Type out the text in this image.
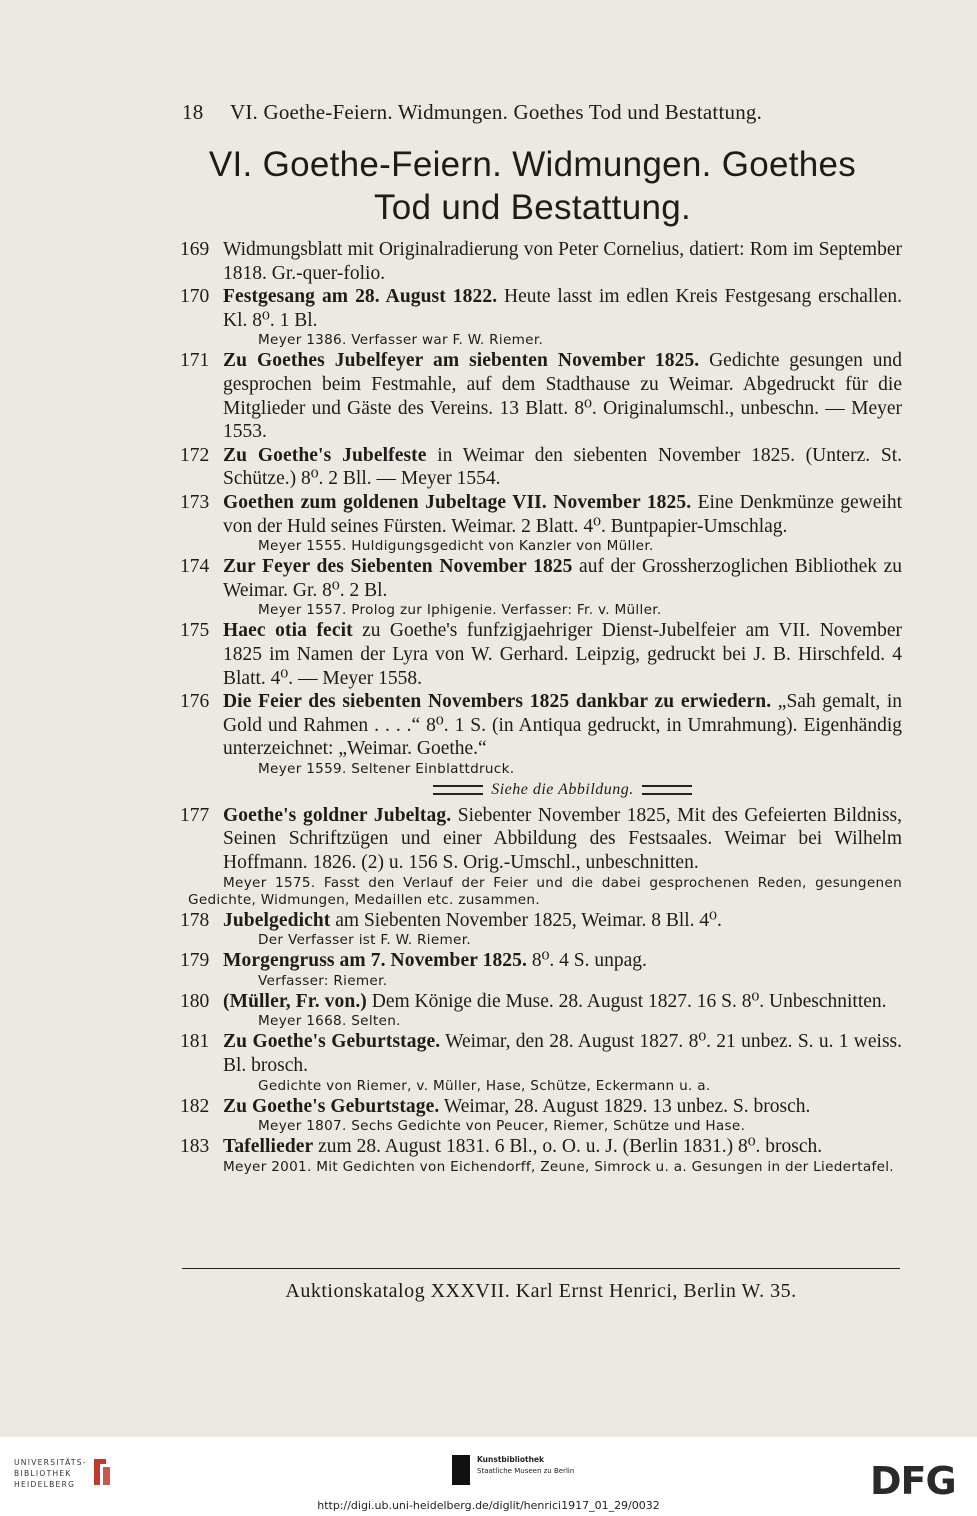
18 VI. Goethe-Feiern. Widmungen. Goethes Tod und Bestattung.
VI. Goethe-Feiern. Widmungen. Goethes
Tod und Bestattung.
169 Widmungsblatt mit Originalradierung von Peter Cornelius, datiert: Rom im September 1818. Gr.-quer-folio.
170 Festgesang am 28. August 1822. Heute lasst im edlen Kreis Festgesang erschallen. Kl. 8⁰. 1 Bl.
Meyer 1386. Verfasser war F. W. Riemer.
171 Zu Goethes Jubelfeyer am siebenten November 1825. Gedichte gesungen und gesprochen beim Festmahle, auf dem Stadthause zu Weimar. Abgedruckt für die Mitglieder und Gäste des Vereins. 13 Blatt. 8⁰. Originalumschl., unbeschn. — Meyer 1553.
172 Zu Goethe's Jubelfeste in Weimar den siebenten November 1825. (Unterz. St. Schütze.) 8⁰. 2 Bll. — Meyer 1554.
173 Goethen zum goldenen Jubeltage VII. November 1825. Eine Denkmünze geweiht von der Huld seines Fürsten. Weimar. 2 Blatt. 4⁰. Buntpapier-Umschlag.
Meyer 1555. Huldigungsgedicht von Kanzler von Müller.
174 Zur Feyer des Siebenten November 1825 auf der Grossherzoglichen Bibliothek zu Weimar. Gr. 8⁰. 2 Bl.
Meyer 1557. Prolog zur Iphigenie. Verfasser: Fr. v. Müller.
175 Haec otia fecit zu Goethe's funfzigjaehriger Dienst-Jubelfeier am VII. November 1825 im Namen der Lyra von W. Gerhard. Leipzig, gedruckt bei J. B. Hirschfeld. 4 Blatt. 4⁰. — Meyer 1558.
176 Die Feier des siebenten Novembers 1825 dankbar zu erwiedern. „Sah gemalt, in Gold und Rahmen . . . .“ 8⁰. 1 S. (in Antiqua gedruckt, in Umrahmung). Eigenhändig unterzeichnet: „Weimar. Goethe.“
Meyer 1559. Seltener Einblattdruck.
Siehe die Abbildung.
177 Goethe's goldner Jubeltag. Siebenter November 1825, Mit des Gefeierten Bildniss, Seinen Schriftzügen und einer Abbildung des Festsaales. Weimar bei Wilhelm Hoffmann. 1826. (2) u. 156 S. Orig.-Umschl., unbeschnitten.
Meyer 1575. Fasst den Verlauf der Feier und die dabei gesprochenen Reden, gesungenen Gedichte, Widmungen, Medaillen etc. zusammen.
178 Jubelgedicht am Siebenten November 1825, Weimar. 8 Bll. 4⁰.
Der Verfasser ist F. W. Riemer.
179 Morgengruss am 7. November 1825. 8⁰. 4 S. unpag.
Verfasser: Riemer.
180 (Müller, Fr. von.) Dem Könige die Muse. 28. August 1827. 16 S. 8⁰. Unbeschnitten.
Meyer 1668. Selten.
181 Zu Goethe's Geburtstage. Weimar, den 28. August 1827. 8⁰. 21 unbez. S. u. 1 weiss. Bl. brosch.
Gedichte von Riemer, v. Müller, Hase, Schütze, Eckermann u. a.
182 Zu Goethe's Geburtstage. Weimar, 28. August 1829. 13 unbez. S. brosch.
Meyer 1807. Sechs Gedichte von Peucer, Riemer, Schütze und Hase.
183 Tafellieder zum 28. August 1831. 6 Bl., o. O. u. J. (Berlin 1831.) 8⁰. brosch.
Meyer 2001. Mit Gedichten von Eichendorff, Zeune, Simrock u. a. Gesungen in der Liedertafel.
Auktionskatalog XXXVII. Karl Ernst Henrici, Berlin W. 35.
UNIVERSITÄTS-
BIBLIOTHEK
HEIDELBERG
Kunstbibliothek
Staatliche Museen zu Berlin	DFG
http://digi.ub.uni-heidelberg.de/diglit/henrici1917_01_29/0032
